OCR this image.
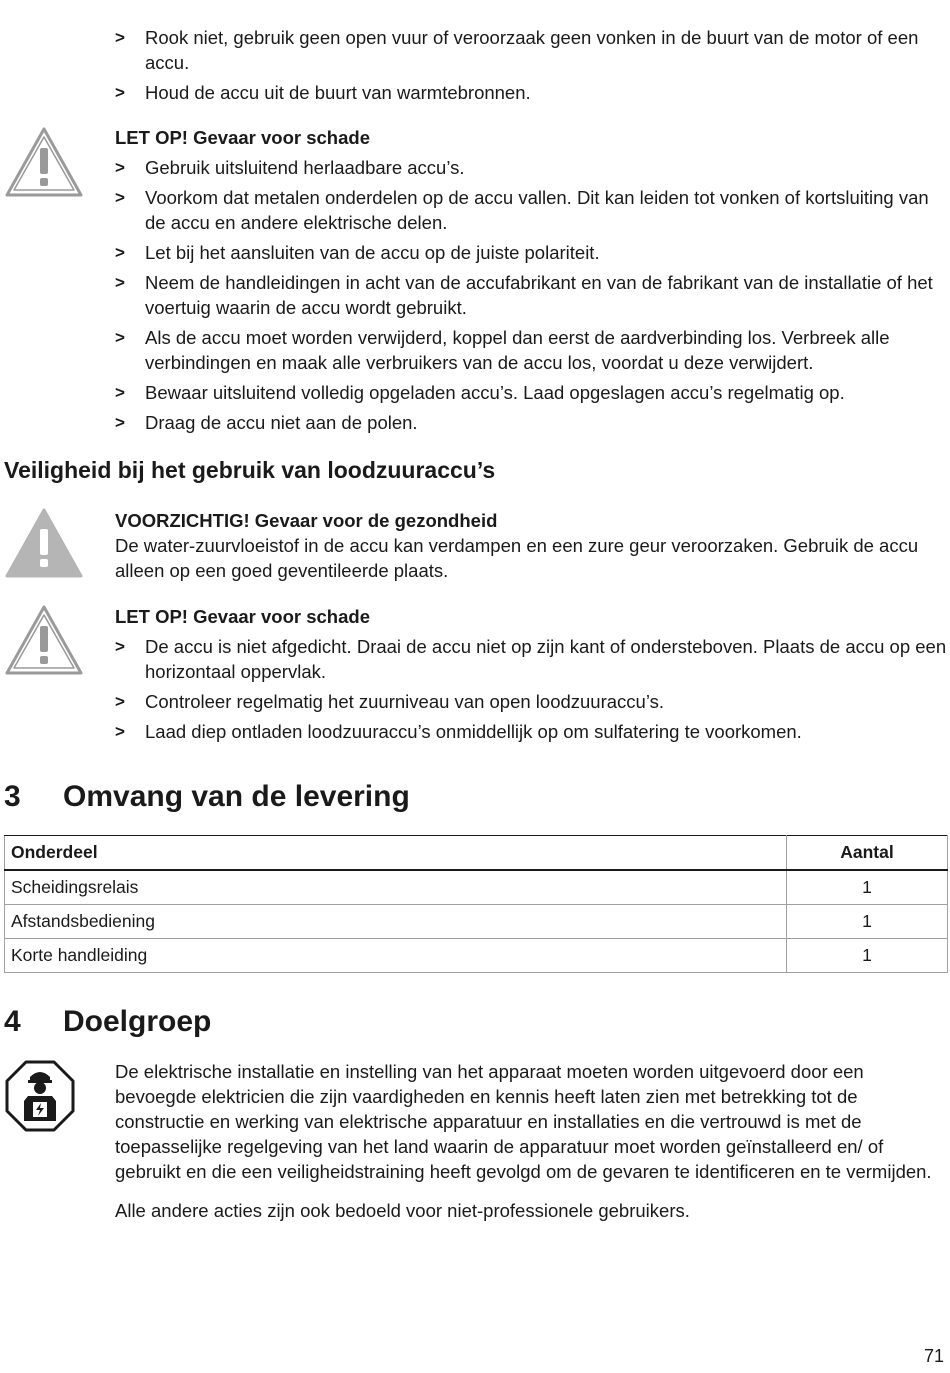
> Rook niet, gebruik geen open vuur of veroorzaak geen vonken in de buurt van de motor of een accu.
> Houd de accu uit de buurt van warmtebronnen.

LET OP! Gevaar voor schade

> Gebruik uitsluitend herlaadbare accu’s.
> Voorkom dat metalen onderdelen op de accu vallen. Dit kan leiden tot vonken of kortsluiting van de accu en andere elektrische delen.
> Let bij het aansluiten van de accu op de juiste polariteit.
> Neem de handleidingen in acht van de accufabrikant en van de fabrikant van de installatie of het voertuig waarin de accu wordt gebruikt.
> Als de accu moet worden verwijderd, koppel dan eerst de aardverbinding los. Verbreek alle verbindingen en maak alle verbruikers van de accu los, voordat u deze verwijdert.
> Bewaar uitsluitend volledig opgeladen accu’s. Laad opgeslagen accu’s regelmatig op.
> Draag de accu niet aan de polen.
Veiligheid bij het gebruik van loodzuuraccu’s

VOORZICHTIG! Gevaar voor de gezondheid

De water-zuurvloeistof in de accu kan verdampen en een zure geur veroorzaken. Gebruik de accu alleen op een goed geventileerde plaats.

LET OP! Gevaar voor schade

> De accu is niet afgedicht. Draai de accu niet op zijn kant of ondersteboven. Plaats de accu op een horizontaal oppervlak.
> Controleer regelmatig het zuurniveau van open loodzuuraccu’s.
> Laad diep ontladen loodzuuraccu’s onmiddellijk op om sulfatering te voorkomen.
3	Omvang van de levering
Onderdeel	Aantal
Scheidingsrelais	1
Afstandsbediening	1
Korte handleiding	1
4	Doelgroep

De elektrische installatie en instelling van het apparaat moeten worden uitgevoerd door een bevoegde elektricien die zijn vaardigheden en kennis heeft laten zien met betrekking tot de constructie en werking van elektrische apparatuur en installaties en die vertrouwd is met de toepasselijke regelgeving van het land waarin de apparatuur moet worden geïnstalleerd en/ of gebruikt en die een veiligheidstraining heeft gevolgd om de gevaren te identificeren en te vermijden.

Alle andere acties zijn ook bedoeld voor niet-professionele gebruikers.

71
